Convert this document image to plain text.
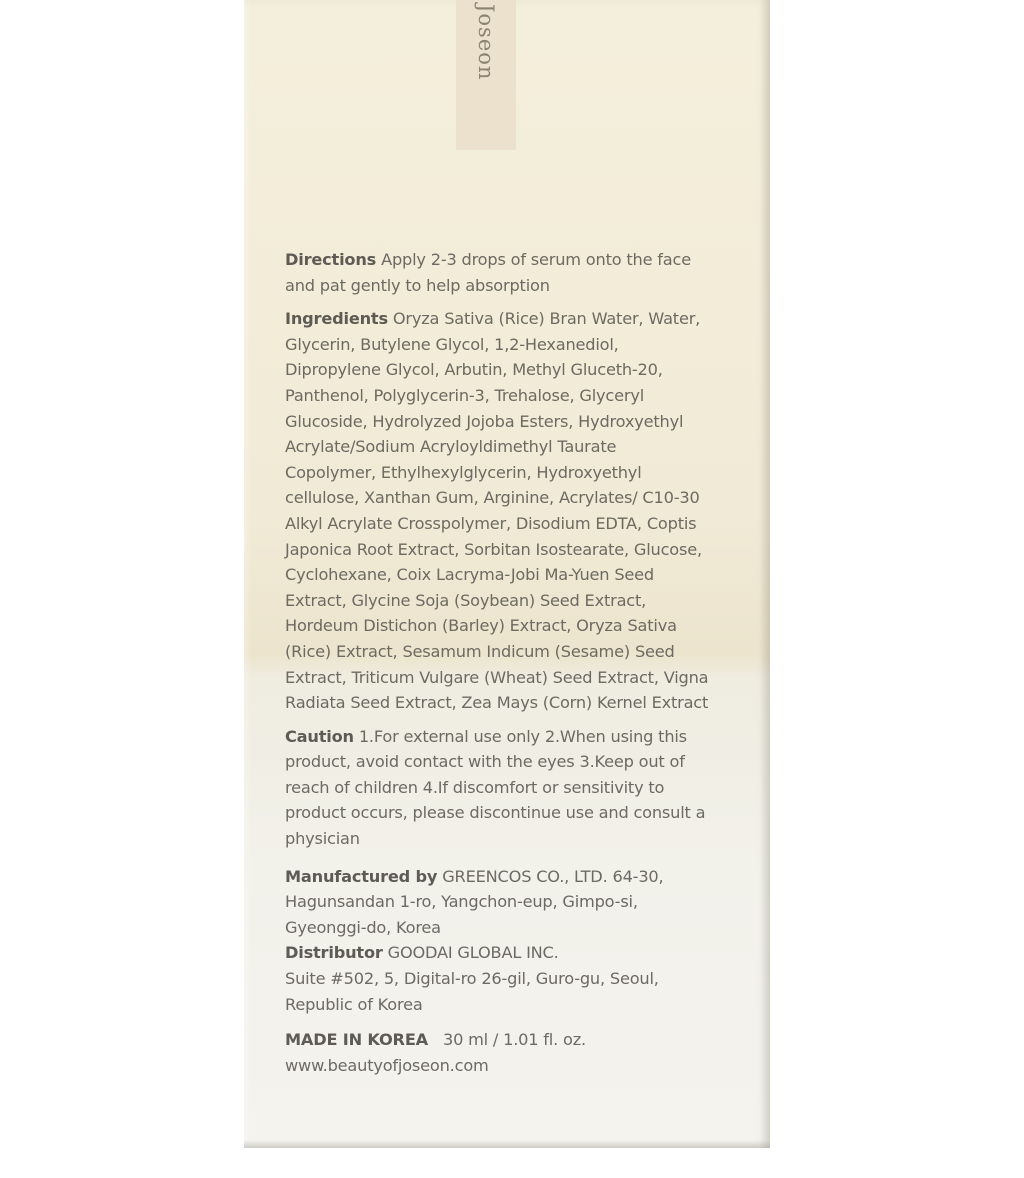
Joseon

Directions Apply 2-3 drops of serum onto the face and pat gently to help absorption

Ingredients Oryza Sativa (Rice) Bran Water, Water, Glycerin, Butylene Glycol, 1,2-Hexanediol, Dipropylene Glycol, Arbutin, Methyl Gluceth-20, Panthenol, Polyglycerin-3, Trehalose, Glyceryl Glucoside, Hydrolyzed Jojoba Esters, Hydroxyethyl Acrylate/Sodium Acryloyldimethyl Taurate Copolymer, Ethylhexylglycerin, Hydroxyethyl cellulose, Xanthan Gum, Arginine, Acrylates/ C10-30 Alkyl Acrylate Crosspolymer, Disodium EDTA, Coptis Japonica Root Extract, Sorbitan Isostearate, Glucose, Cyclohexane, Coix Lacryma-Jobi Ma-Yuen Seed Extract, Glycine Soja (Soybean) Seed Extract, Hordeum Distichon (Barley) Extract, Oryza Sativa (Rice) Extract, Sesamum Indicum (Sesame) Seed Extract, Triticum Vulgare (Wheat) Seed Extract, Vigna Radiata Seed Extract, Zea Mays (Corn) Kernel Extract

Caution 1.For external use only 2.When using this product, avoid contact with the eyes 3.Keep out of reach of children 4.If discomfort or sensitivity to product occurs, please discontinue use and consult a physician

Manufactured by GREENCOS CO., LTD. 64-30, Hagunsandan 1-ro, Yangchon-eup, Gimpo-si, Gyeonggi-do, Korea

Distributor GOODAI GLOBAL INC.
Suite #502, 5, Digital-ro 26-gil, Guro-gu, Seoul, Republic of Korea

MADE IN KOREA 30 ml / 1.01 fl. oz.

www.beautyofjoseon.com
